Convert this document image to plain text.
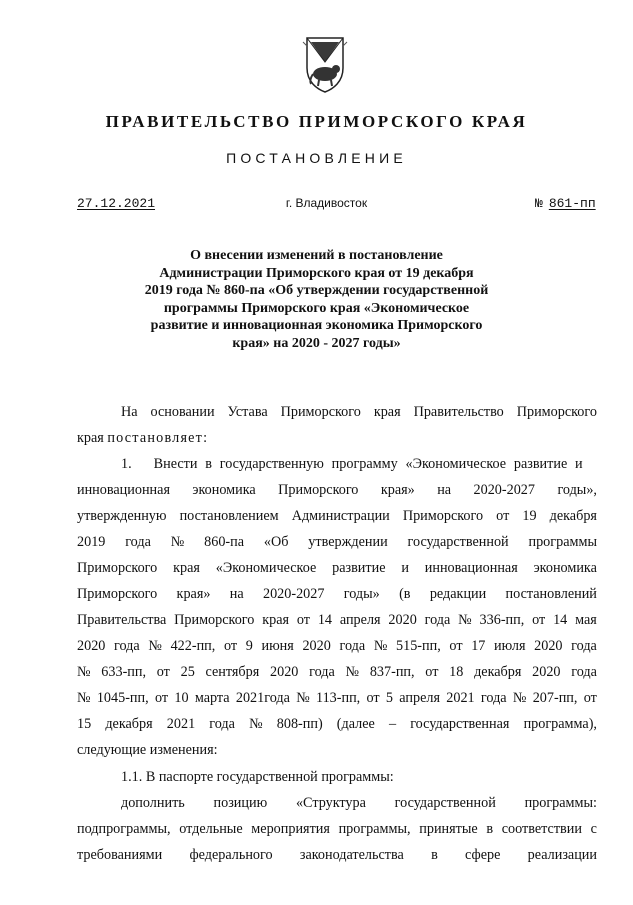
ПРАВИТЕЛЬСТВО ПРИМОРСКОГО КРАЯ
ПОСТАНОВЛЕНИЕ
27.12.2021	г. Владивосток	№ 861-пп
О внесении изменений в постановление
Администрации Приморского края от 19 декабря
2019 года № 860-па «Об утверждении государственной
программы Приморского края «Экономическое
развитие и инновационная экономика Приморского
края» на 2020 - 2027 годы»
На основании Устава Приморского края Правительство Приморского
края постановляет:
1. Внести в государственную программу «Экономическое развитие и
инновационная экономика Приморского края» на 2020-2027 годы»,
утвержденную постановлением Администрации Приморского от 19 декабря
2019 года № 860-па «Об утверждении государственной программы
Приморского края «Экономическое развитие и инновационная экономика
Приморского края» на 2020-2027 годы» (в редакции постановлений
Правительства Приморского края от 14 апреля 2020 года № 336-пп, от 14 мая
2020 года № 422-пп, от 9 июня 2020 года № 515-пп, от 17 июля 2020 года
№ 633-пп, от 25 сентября 2020 года № 837-пп, от 18 декабря 2020 года
№ 1045-пп, от 10 марта 2021года № 113-пп, от 5 апреля 2021 года № 207-пп, от
15 декабря 2021 года № 808-пп) (далее – государственная программа),
следующие изменения:
1.1. В паспорте государственной программы:
дополнить позицию «Структура государственной программы:
подпрограммы, отдельные мероприятия программы, принятые в соответствии с
требованиями федерального законодательства в сфере реализации
